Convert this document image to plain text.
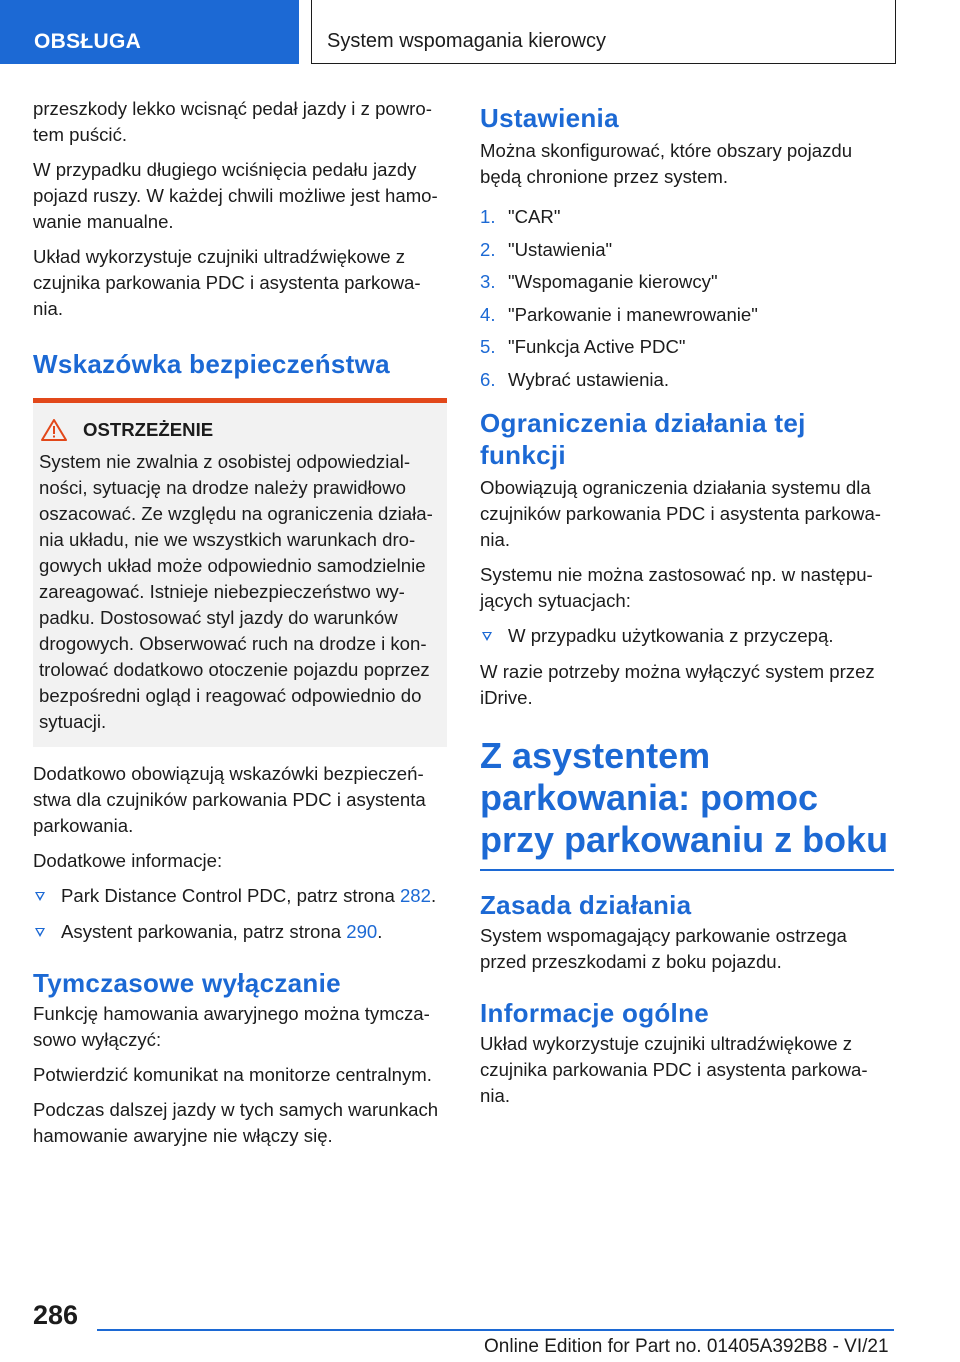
OBSŁUGA	System wspomagania kierowcy

przeszkody lekko wcisnąć pedał jazdy i z powro‐ tem puścić.

W przypadku długiego wciśnięcia pedału jazdy pojazd ruszy. W każdej chwili możliwe jest hamo‐ wanie manualne.

Układ wykorzystuje czujniki ultradźwiękowe z czujnika parkowania PDC i asystenta parkowa‐ nia.

Wskazówka bezpieczeństwa
OSTRZEŻENIE

System nie zwalnia z osobistej odpowiedzial‐ ności, sytuację na drodze należy prawidłowo oszacować. Ze względu na ograniczenia działa‐ nia układu, nie we wszystkich warunkach dro‐ gowych układ może odpowiednio samodzielnie zareagować. Istnieje niebezpieczeństwo wy‐ padku. Dostosować styl jazdy do warunków drogowych. Obserwować ruch na drodze i kon‐ trolować dodatkowo otoczenie pojazdu poprzez bezpośredni ogląd i reagować odpowiednio do sytuacji.

Dodatkowo obowiązują wskazówki bezpieczeń‐ stwa dla czujników parkowania PDC i asystenta parkowania.

Dodatkowe informacje:

Park Distance Control PDC, patrz strona 282.
Asystent parkowania, patrz strona 290.
Tymczasowe wyłączanie

Funkcję hamowania awaryjnego można tymcza‐ sowo wyłączyć:

Potwierdzić komunikat na monitorze centralnym.

Podczas dalszej jazdy w tych samych warunkach hamowanie awaryjne nie włączy się.

Ustawienia

Można skonfigurować, które obszary pojazdu będą chronione przez system.

1. "CAR"
2. "Ustawienia"
3. "Wspomaganie kierowcy"
4. "Parkowanie i manewrowanie"
5. "Funkcja Active PDC"
6. Wybrać ustawienia.
Ograniczenia działania tej funkcji

Obowiązują ograniczenia działania systemu dla czujników parkowania PDC i asystenta parkowa‐ nia.

Systemu nie można zastosować np. w następu‐ jących sytuacjach:

W przypadku użytkowania z przyczepą.

W razie potrzeby można wyłączyć system przez iDrive.

Z asystentem parkowania: pomoc przy parkowaniu z boku
Zasada działania

System wspomagający parkowanie ostrzega przed przeszkodami z boku pojazdu.

Informacje ogólne

Układ wykorzystuje czujniki ultradźwiękowe z czujnika parkowania PDC i asystenta parkowa‐ nia.

286
Online Edition for Part no. 01405A392B8 - VI/21
